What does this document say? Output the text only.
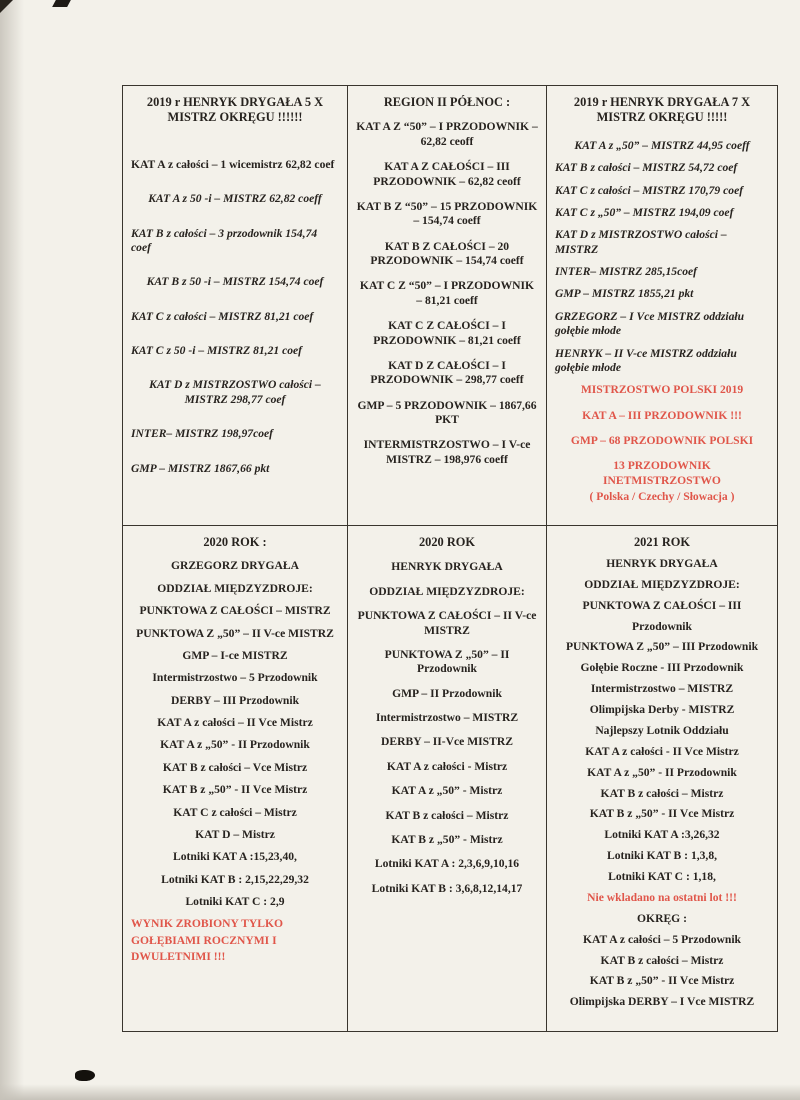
2019 r HENRYK DRYGAŁA 5 X MISTRZ OKRĘGU !!!!!!
KAT A z całości – 1 wicemistrz 62,82 coef
KAT A z 50 -i – MISTRZ 62,82 coeff
KAT B z całości – 3 przodownik 154,74 coef
KAT B z 50 -i – MISTRZ 154,74 coef
KAT C z całości – MISTRZ 81,21 coef
KAT C z 50 -i – MISTRZ 81,21 coef
KAT D z MISTRZOSTWO całości – MISTRZ 298,77 coef
INTER– MISTRZ 198,97coef
GMP – MISTRZ 1867,66 pkt
REGION II PÓŁNOC :
KAT A Z “50” – I PRZODOWNIK – 62,82 ceoff
KAT A Z CAŁOŚCI – III PRZODOWNIK – 62,82 ceoff
KAT B Z “50” – 15 PRZODOWNIK – 154,74 coeff
KAT B Z CAŁOŚCI – 20 PRZODOWNIK – 154,74 coeff
KAT C Z “50” – I PRZODOWNIK – 81,21 coeff
KAT C Z CAŁOŚCI – I PRZODOWNIK – 81,21 coeff
KAT D Z CAŁOŚCI – I PRZODOWNIK – 298,77 coeff
GMP – 5 PRZODOWNIK – 1867,66 PKT
INTERMISTRZOSTWO – I V-ce MISTRZ – 198,976 coeff
2019 r HENRYK DRYGAŁA 7 X MISTRZ OKRĘGU !!!!!
KAT A z „50” – MISTRZ 44,95 coeff
KAT B z całości – MISTRZ 54,72 coef
KAT C z całości – MISTRZ 170,79 coef
KAT C z „50” – MISTRZ 194,09 coef
KAT D z MISTRZOSTWO całości – MISTRZ
INTER– MISTRZ 285,15coef
GMP – MISTRZ 1855,21 pkt
GRZEGORZ – I Vce MISTRZ oddziału gołębie młode
HENRYK – II V-ce MISTRZ oddziału gołębie młode
MISTRZOSTWO POLSKI 2019
KAT A – III PRZODOWNIK !!!
GMP – 68 PRZODOWNIK POLSKI
13 PRZODOWNIK INETMISTRZOSTWO
( Polska / Czechy / Słowacja )
2020 ROK :
GRZEGORZ DRYGAŁA
ODDZIAŁ MIĘDZYZDROJE:
PUNKTOWA Z CAŁOŚCI – MISTRZ
PUNKTOWA Z „50” – II V-ce MISTRZ
GMP – I-ce MISTRZ
Intermistrzostwo – 5 Przodownik
DERBY – III Przodownik
KAT A z całości – II Vce Mistrz
KAT A z „50” - II Przodownik
KAT B z całości – Vce Mistrz
KAT B z „50” - II Vce Mistrz
KAT C z całości – Mistrz
KAT D – Mistrz
Lotniki KAT A :15,23,40,
Lotniki KAT B : 2,15,22,29,32
Lotniki KAT C : 2,9
WYNIK ZROBIONY TYLKO
GOŁĘBIAMI ROCZNYMI I
DWULETNIMI !!!
2020 ROK
HENRYK DRYGAŁA
ODDZIAŁ MIĘDZYZDROJE:
PUNKTOWA Z CAŁOŚCI – II V-ce MISTRZ
PUNKTOWA Z „50” – II Przodownik
GMP – II Przodownik
Intermistrzostwo – MISTRZ
DERBY – II-Vce MISTRZ
KAT A z całości - Mistrz
KAT A z „50” - Mistrz
KAT B z całości – Mistrz
KAT B z „50” - Mistrz
Lotniki KAT A : 2,3,6,9,10,16
Lotniki KAT B : 3,6,8,12,14,17
2021 ROK
HENRYK DRYGAŁA
ODDZIAŁ MIĘDZYZDROJE:
PUNKTOWA Z CAŁOŚCI – III
Przodownik
PUNKTOWA Z „50” – III Przodownik
Gołębie Roczne - III Przodownik
Intermistrzostwo – MISTRZ
Olimpijska Derby - MISTRZ
Najlepszy Lotnik Oddziału
KAT A z całości - II Vce Mistrz
KAT A z „50” - II Przodownik
KAT B z całości – Mistrz
KAT B z „50” - II Vce Mistrz
Lotniki KAT A :3,26,32
Lotniki KAT B : 1,3,8,
Lotniki KAT C : 1,18,
Nie wkladano na ostatni lot !!!
OKRĘG :
KAT A z całości – 5 Przodownik
KAT B z całości – Mistrz
KAT B z „50” - II Vce Mistrz
Olimpijska DERBY – I Vce MISTRZ
